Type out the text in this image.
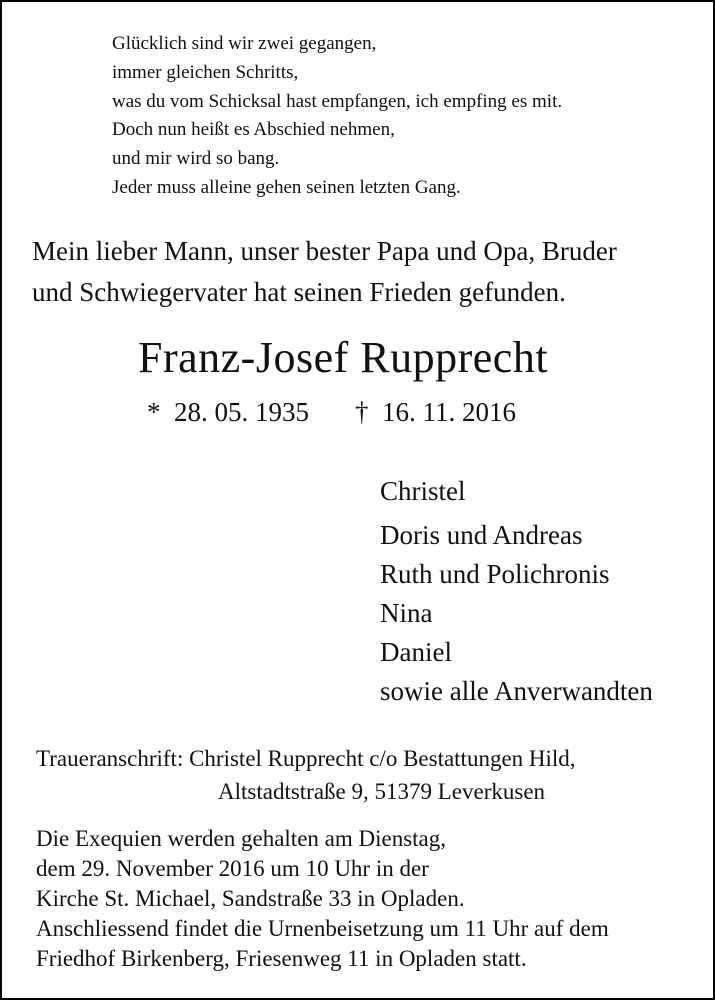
Glücklich sind wir zwei gegangen,
immer gleichen Schritts,
was du vom Schicksal hast empfangen, ich empfing es mit.
Doch nun heißt es Abschied nehmen,
und mir wird so bang.
Jeder muss alleine gehen seinen letzten Gang.
Mein lieber Mann, unser bester Papa und Opa, Bruder
und Schwiegervater hat seinen Frieden gefunden.
Franz-Josef Rupprecht
* 28. 05. 1935 † 16. 11. 2016
Christel
Doris und Andreas
Ruth und Polichronis
Nina
Daniel
sowie alle Anverwandten
Traueranschrift: Christel Rupprecht c/o Bestattungen Hild,
Altstadtstraße 9, 51379 Leverkusen
Die Exequien werden gehalten am Dienstag,
dem 29. November 2016 um 10 Uhr in der
Kirche St. Michael, Sandstraße 33 in Opladen.
Anschliessend findet die Urnenbeisetzung um 11 Uhr auf dem
Friedhof Birkenberg, Friesenweg 11 in Opladen statt.
